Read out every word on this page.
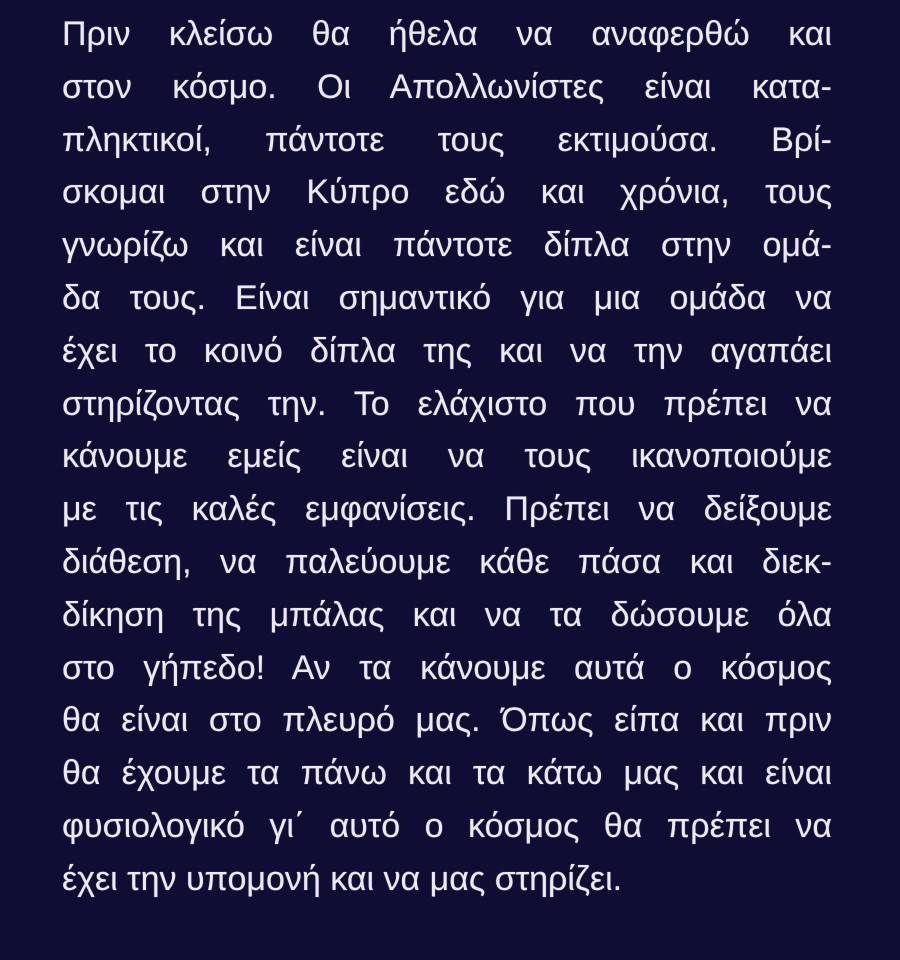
Πριν κλείσω θα ήθελα να αναφερθώ και
στον κόσμο. Οι Απολλωνίστες είναι κατα-
πληκτικοί, πάντοτε τους εκτιμούσα. Βρί-
σκομαι στην Κύπρο εδώ και χρόνια, τους
γνωρίζω και είναι πάντοτε δίπλα στην ομά-
δα τους. Είναι σημαντικό για μια ομάδα να
έχει το κοινό δίπλα της και να την αγαπάει
στηρίζοντας την. Το ελάχιστο που πρέπει να
κάνουμε εμείς είναι να τους ικανοποιούμε
με τις καλές εμφανίσεις. Πρέπει να δείξουμε
διάθεση, να παλεύουμε κάθε πάσα και διεκ-
δίκηση της μπάλας και να τα δώσουμε όλα
στο γήπεδο! Αν τα κάνουμε αυτά ο κόσμος
θα είναι στο πλευρό μας. Όπως είπα και πριν
θα έχουμε τα πάνω και τα κάτω μας και είναι
φυσιολογικό γι΄ αυτό ο κόσμος θα πρέπει να
έχει την υπομονή και να μας στηρίζει.
